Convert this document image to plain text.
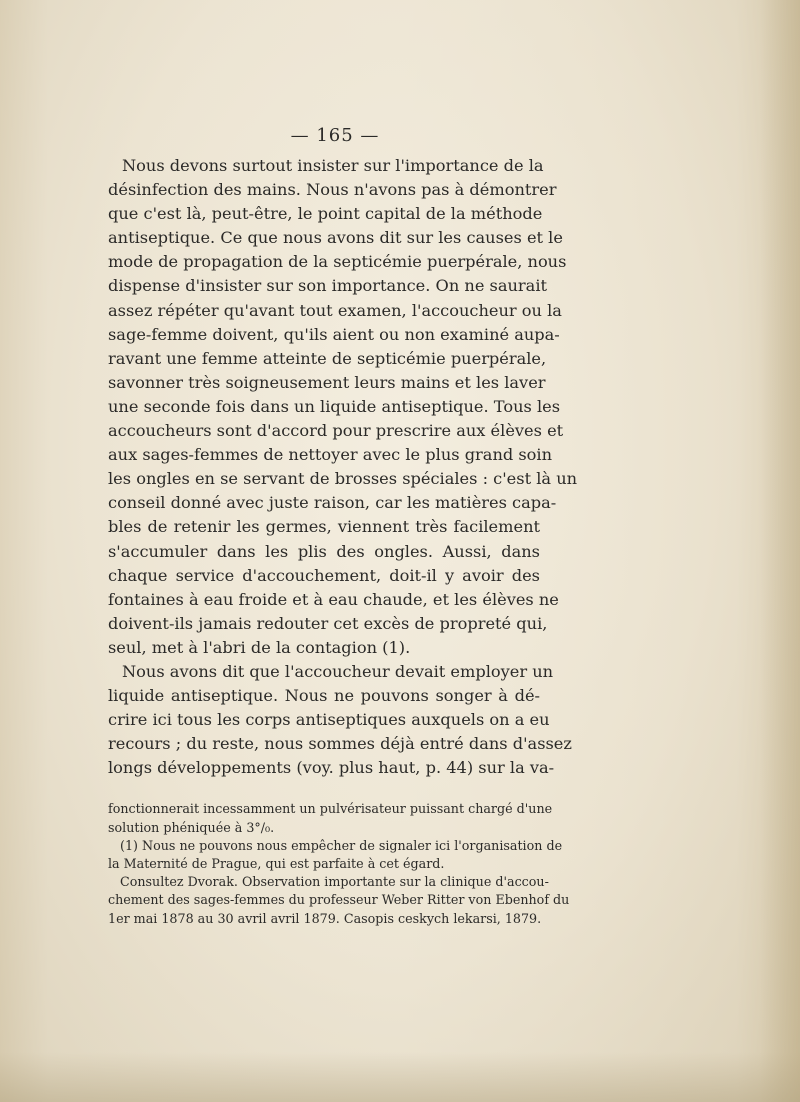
— 165 —
Nous devons surtout insister sur l'importance de la
désinfection des mains. Nous n'avons pas à démontrer
que c'est là, peut-être, le point capital de la méthode
antiseptique. Ce que nous avons dit sur les causes et le
mode de propagation de la septicémie puerpérale, nous
dispense d'insister sur son importance. On ne saurait
assez répéter qu'avant tout examen, l'accoucheur ou la
sage-femme doivent, qu'ils aient ou non examiné aupa-
ravant une femme atteinte de septicémie puerpérale,
savonner très soigneusement leurs mains et les laver
une seconde fois dans un liquide antiseptique. Tous les
accoucheurs sont d'accord pour prescrire aux élèves et
aux sages-femmes de nettoyer avec le plus grand soin
les ongles en se servant de brosses spéciales : c'est là un
conseil donné avec juste raison, car les matières capa-
bles de retenir les germes, viennent très facilement
s'accumuler dans les plis des ongles. Aussi, dans
chaque service d'accouchement, doit-il y avoir des
fontaines à eau froide et à eau chaude, et les élèves ne
doivent-ils jamais redouter cet excès de propreté qui,
seul, met à l'abri de la contagion (1).
Nous avons dit que l'accoucheur devait employer un
liquide antiseptique. Nous ne pouvons songer à dé-
crire ici tous les corps antiseptiques auxquels on a eu
recours ; du reste, nous sommes déjà entré dans d'assez
longs développements (voy. plus haut, p. 44) sur la va-
fonctionnerait incessamment un pulvérisateur puissant chargé d'une
solution phéniquée à 3°/₀.
(1) Nous ne pouvons nous empêcher de signaler ici l'organisation de
la Maternité de Prague, qui est parfaite à cet égard.
Consultez Dvorak. Observation importante sur la clinique d'accou-
chement des sages-femmes du professeur Weber Ritter von Ebenhof du
1er mai 1878 au 30 avril avril 1879. Casopis ceskych lekarsi, 1879.
